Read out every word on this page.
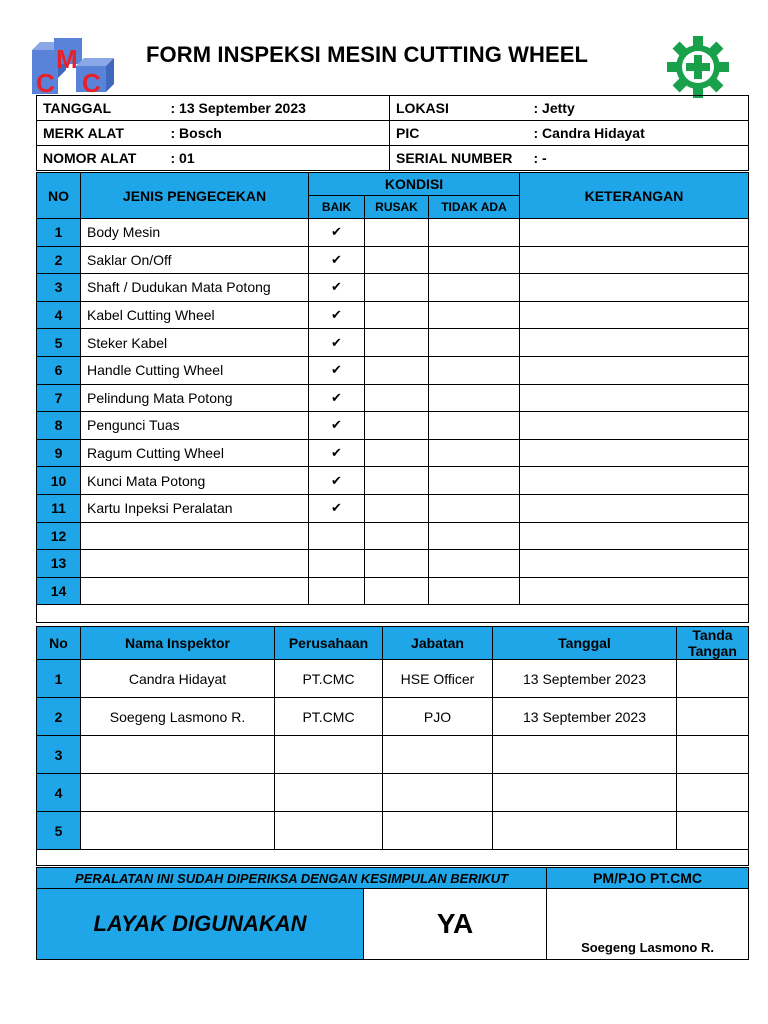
C
M
C
FORM INSPEKSI MESIN CUTTING WHEEL
TANGGAL	: 13 September 2023	LOKASI	: Jetty
MERK ALAT	: Bosch	PIC	: Candra Hidayat
NOMOR ALAT	: 01	SERIAL NUMBER	: -
NO	JENIS PENGECEKAN	KONDISI			KETERANGAN
		BAIK	RUSAK	TIDAK ADA	
1	Body Mesin	✔			
2	Saklar On/Off	✔			
3	Shaft / Dudukan Mata Potong	✔			
4	Kabel Cutting Wheel	✔			
5	Steker Kabel	✔			
6	Handle Cutting Wheel	✔			
7	Pelindung Mata Potong	✔			
8	Pengunci Tuas	✔			
9	Ragum Cutting Wheel	✔			
10	Kunci Mata Potong	✔			
11	Kartu Inpeksi Peralatan	✔			
12					
13					
14					

No	Nama Inspektor	Perusahaan	Jabatan	Tanggal	Tanda
Tangan
1	Candra Hidayat	PT.CMC	HSE Officer	13 September 2023	
2	Soegeng Lasmono R.	PT.CMC	PJO	13 September 2023	
3					
4					
5					

PERALATAN INI SUDAH DIPERIKSA DENGAN KESIMPULAN BERIKUT		PM/PJO PT.CMC
LAYAK DIGUNAKAN	YA	Soegeng Lasmono R.
